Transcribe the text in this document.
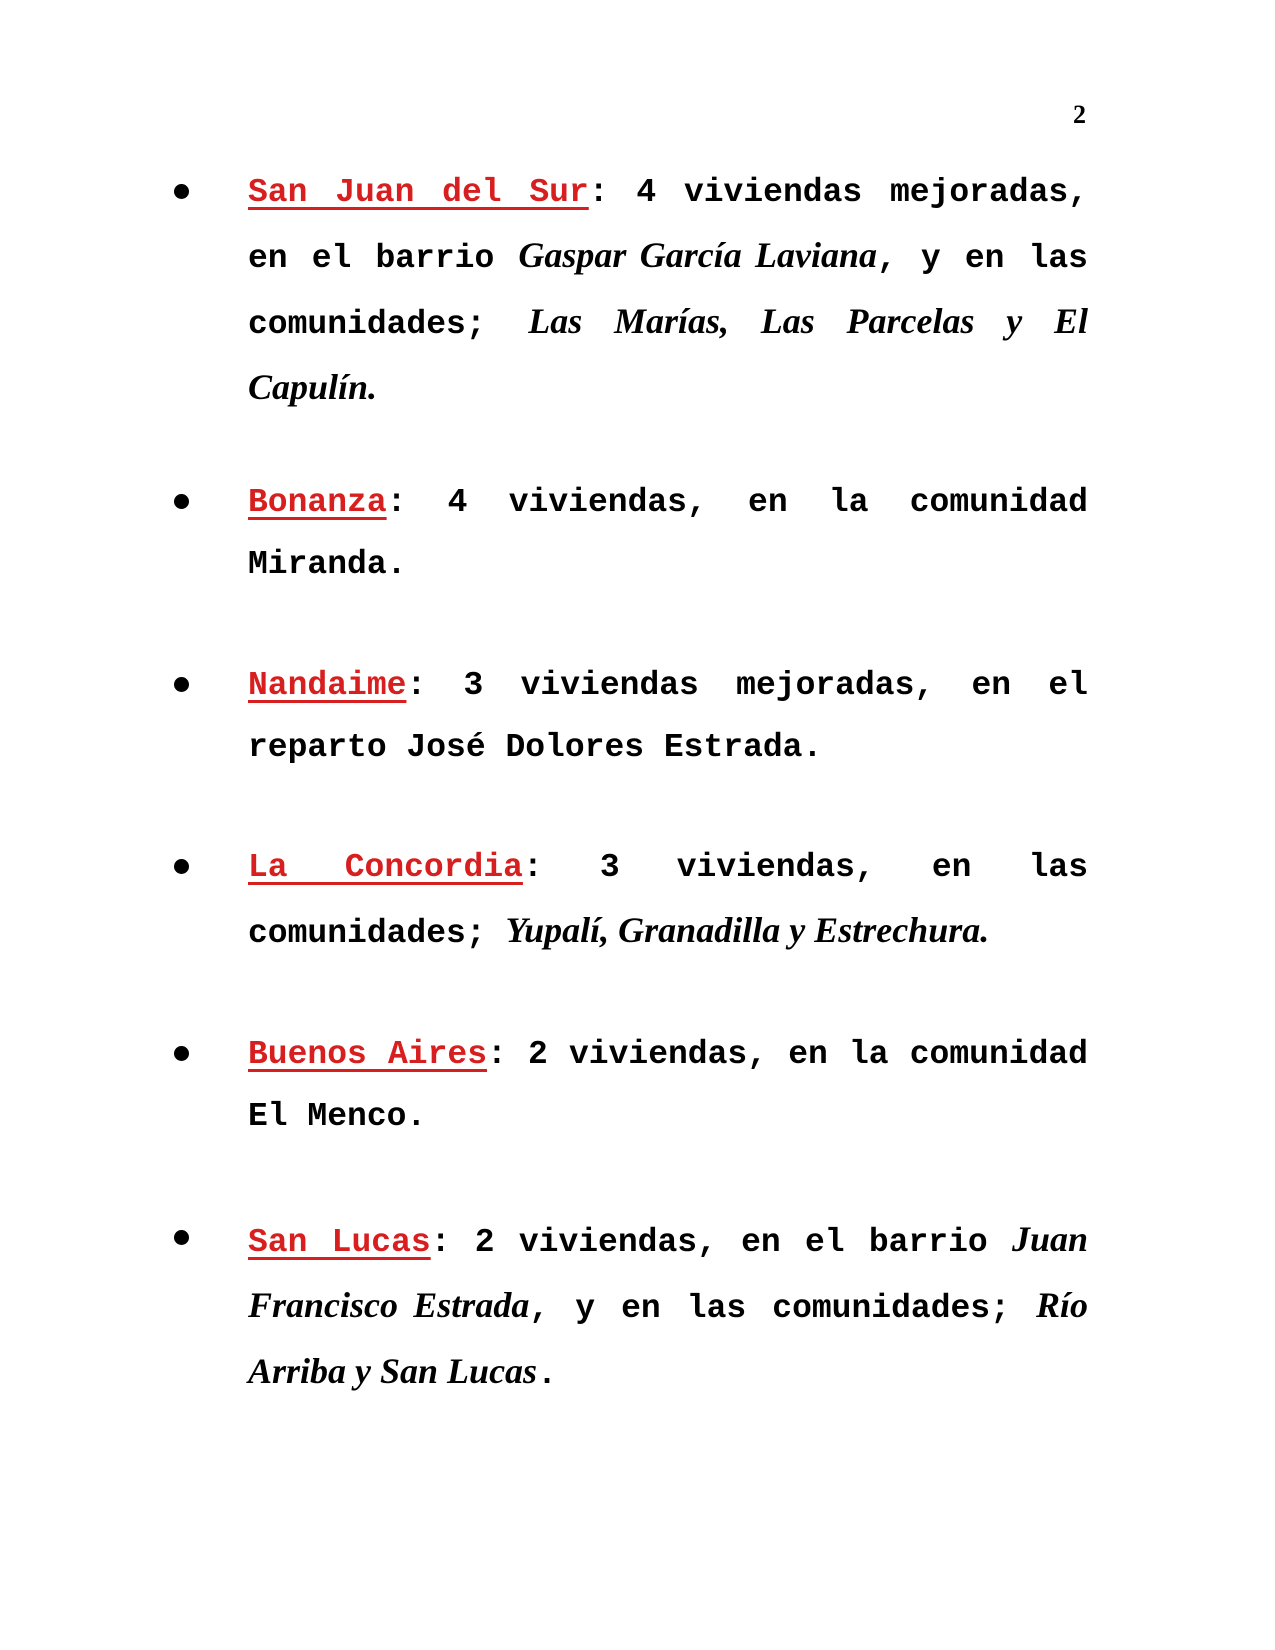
2
San Juan del Sur: 4 viviendas mejoradas, en el barrio Gaspar García Laviana, y en las comunidades; Las Marías, Las Parcelas y El Capulín.
Bonanza: 4 viviendas, en la comunidad Miranda.
Nandaime: 3 viviendas mejoradas, en el reparto José Dolores Estrada.
La Concordia: 3 viviendas, en las comunidades; Yupalí, Granadilla y Estrechura.
Buenos Aires: 2 viviendas, en la comunidad El Menco.
San Lucas: 2 viviendas, en el barrio Juan Francisco Estrada, y en las comunidades; Río Arriba y San Lucas.
